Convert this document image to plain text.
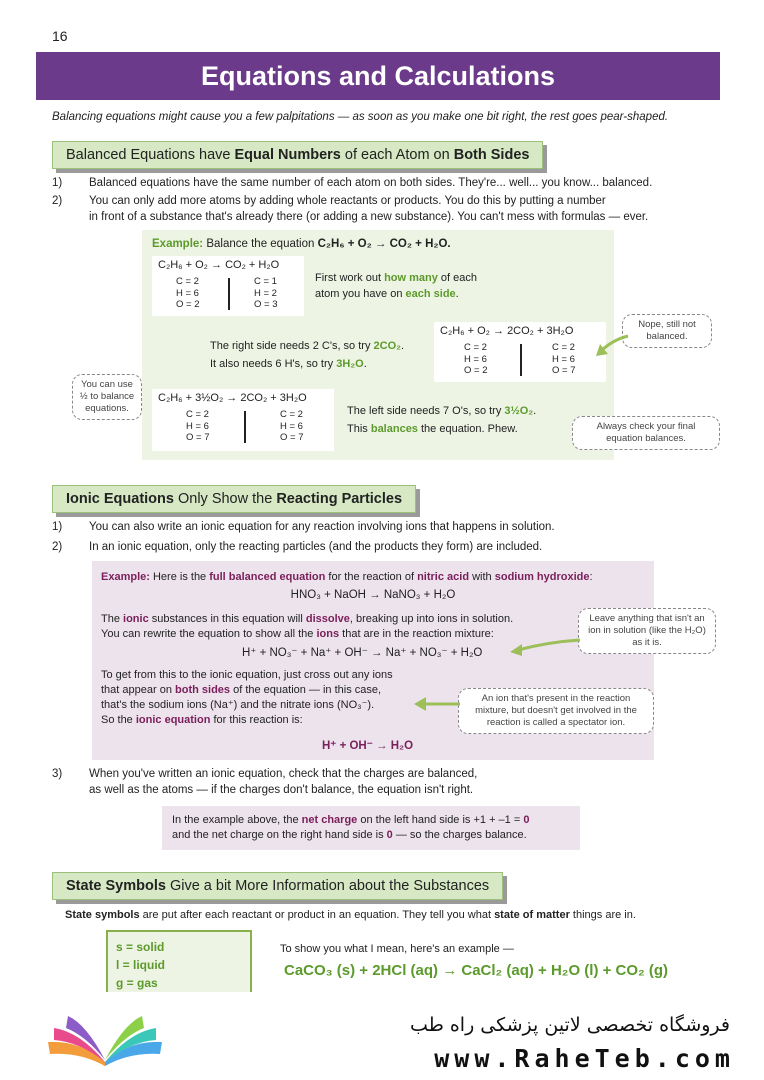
16
Equations and Calculations
Balancing equations might cause you a few palpitations — as soon as you make one bit right, the rest goes pear-shaped.
Balanced Equations have Equal Numbers of each Atom on Both Sides
1) Balanced equations have the same number of each atom on both sides. They're... well... you know... balanced.
2) You can only add more atoms by adding whole reactants or products. You do this by putting a number
in front of a substance that's already there (or adding a new substance). You can't mess with formulas — ever.
Example: Balance the equation C₂H₆ + O₂ → CO₂ + H₂O.
C₂H₆ + O₂ → CO₂ + H₂O
C = 2
H = 6
O = 2
C = 1
H = 2
O = 3
First work out how many of each
atom you have on each side.
The right side needs 2 C's, so try 2CO₂.
It also needs 6 H's, so try 3H₂O.
C₂H₆ + O₂ → 2CO₂ + 3H₂O
C = 2
H = 6
O = 2
C = 2
H = 6
O = 7
C₂H₆ + 3½O₂ → 2CO₂ + 3H₂O
C = 2
H = 6
O = 7
C = 2
H = 6
O = 7
The left side needs 7 O's, so try 3½O₂.
This balances the equation. Phew.
Nope, still not balanced.
You can use ½ to balance equations.
Always check your final equation balances.
Ionic Equations Only Show the Reacting Particles
1) You can also write an ionic equation for any reaction involving ions that happens in solution.
2) In an ionic equation, only the reacting particles (and the products they form) are included.
Example: Here is the full balanced equation for the reaction of nitric acid with sodium hydroxide:
HNO₃ + NaOH → NaNO₃ + H₂O
The ionic substances in this equation will dissolve, breaking up into ions in solution.
You can rewrite the equation to show all the ions that are in the reaction mixture:
H⁺ + NO₃⁻ + Na⁺ + OH⁻ → Na⁺ + NO₃⁻ + H₂O
To get from this to the ionic equation, just cross out any ions
that appear on both sides of the equation — in this case,
that's the sodium ions (Na⁺) and the nitrate ions (NO₃⁻).
So the ionic equation for this reaction is:
H⁺ + OH⁻ → H₂O
Leave anything that isn't an ion in solution (like the H₂O) as it is.
An ion that's present in the reaction mixture, but doesn't get involved in the reaction is called a spectator ion.
3) When you've written an ionic equation, check that the charges are balanced,
as well as the atoms — if the charges don't balance, the equation isn't right.
In the example above, the net charge on the left hand side is +1 + –1 = 0
and the net charge on the right hand side is 0 — so the charges balance.
State Symbols Give a bit More Information about the Substances
State symbols are put after each reactant or product in an equation. They tell you what state of matter things are in.
s = solid
l = liquid
g = gas
To show you what I mean, here's an example —
CaCO₃ (s) + 2HCl (aq) → CaCl₂ (aq) + H₂O (l) + CO₂ (g)
فروشگاه تخصصی لاتین پزشکی راه طب
www.RaheTeb.com
